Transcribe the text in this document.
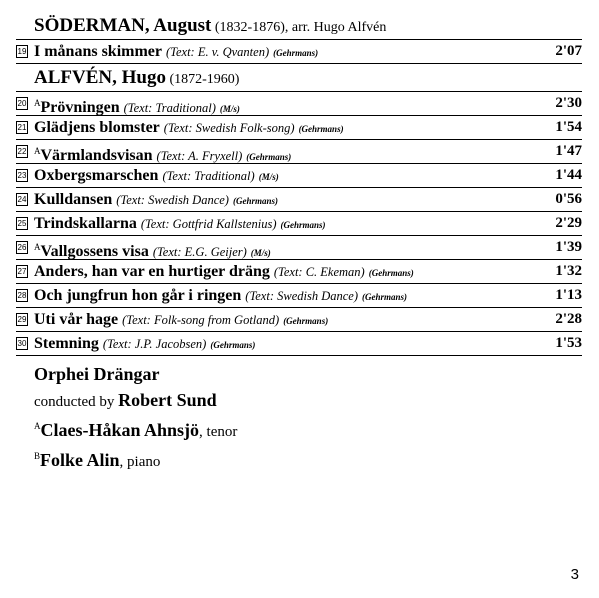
SÖDERMAN, August (1832-1876), arr. Hugo Alfvén
19 I månans skimmer (Text: E. v. Qvanten) (Gehrmans)	2'07
ALFVÉN, Hugo (1872-1960)
20 $^A$Prövningen (Text: Traditional) (M/s)	2'30
21 Glädjens blomster (Text: Swedish Folk-song) (Gehrmans)	1'54
22 $^A$Värmlandsvisan (Text: A. Fryxell) (Gehrmans)	1'47
23 Oxbergsmarschen (Text: Traditional) (M/s)	1'44
24 Kulldansen (Text: Swedish Dance) (Gehrmans)	0'56
25 Trindskallarna (Text: Gottfrid Kallstenius) (Gehrmans)	2'29
26 $^A$Vallgossens visa (Text: E.G. Geijer) (M/s)	1'39
27 Anders, han var en hurtiger dräng (Text: C. Ekeman) (Gehrmans)	1'32
28 Och jungfrun hon går i ringen (Text: Swedish Dance) (Gehrmans)	1'13
29 Uti vår hage (Text: Folk-song from Gotland) (Gehrmans)	2'28
30 Stemning (Text: J.P. Jacobsen) (Gehrmans)	1'53
Orphei Drängar
conducted by Robert Sund
$^A$Claes-Håkan Ahnsjö, tenor
$^B$Folke Alin, piano
3
